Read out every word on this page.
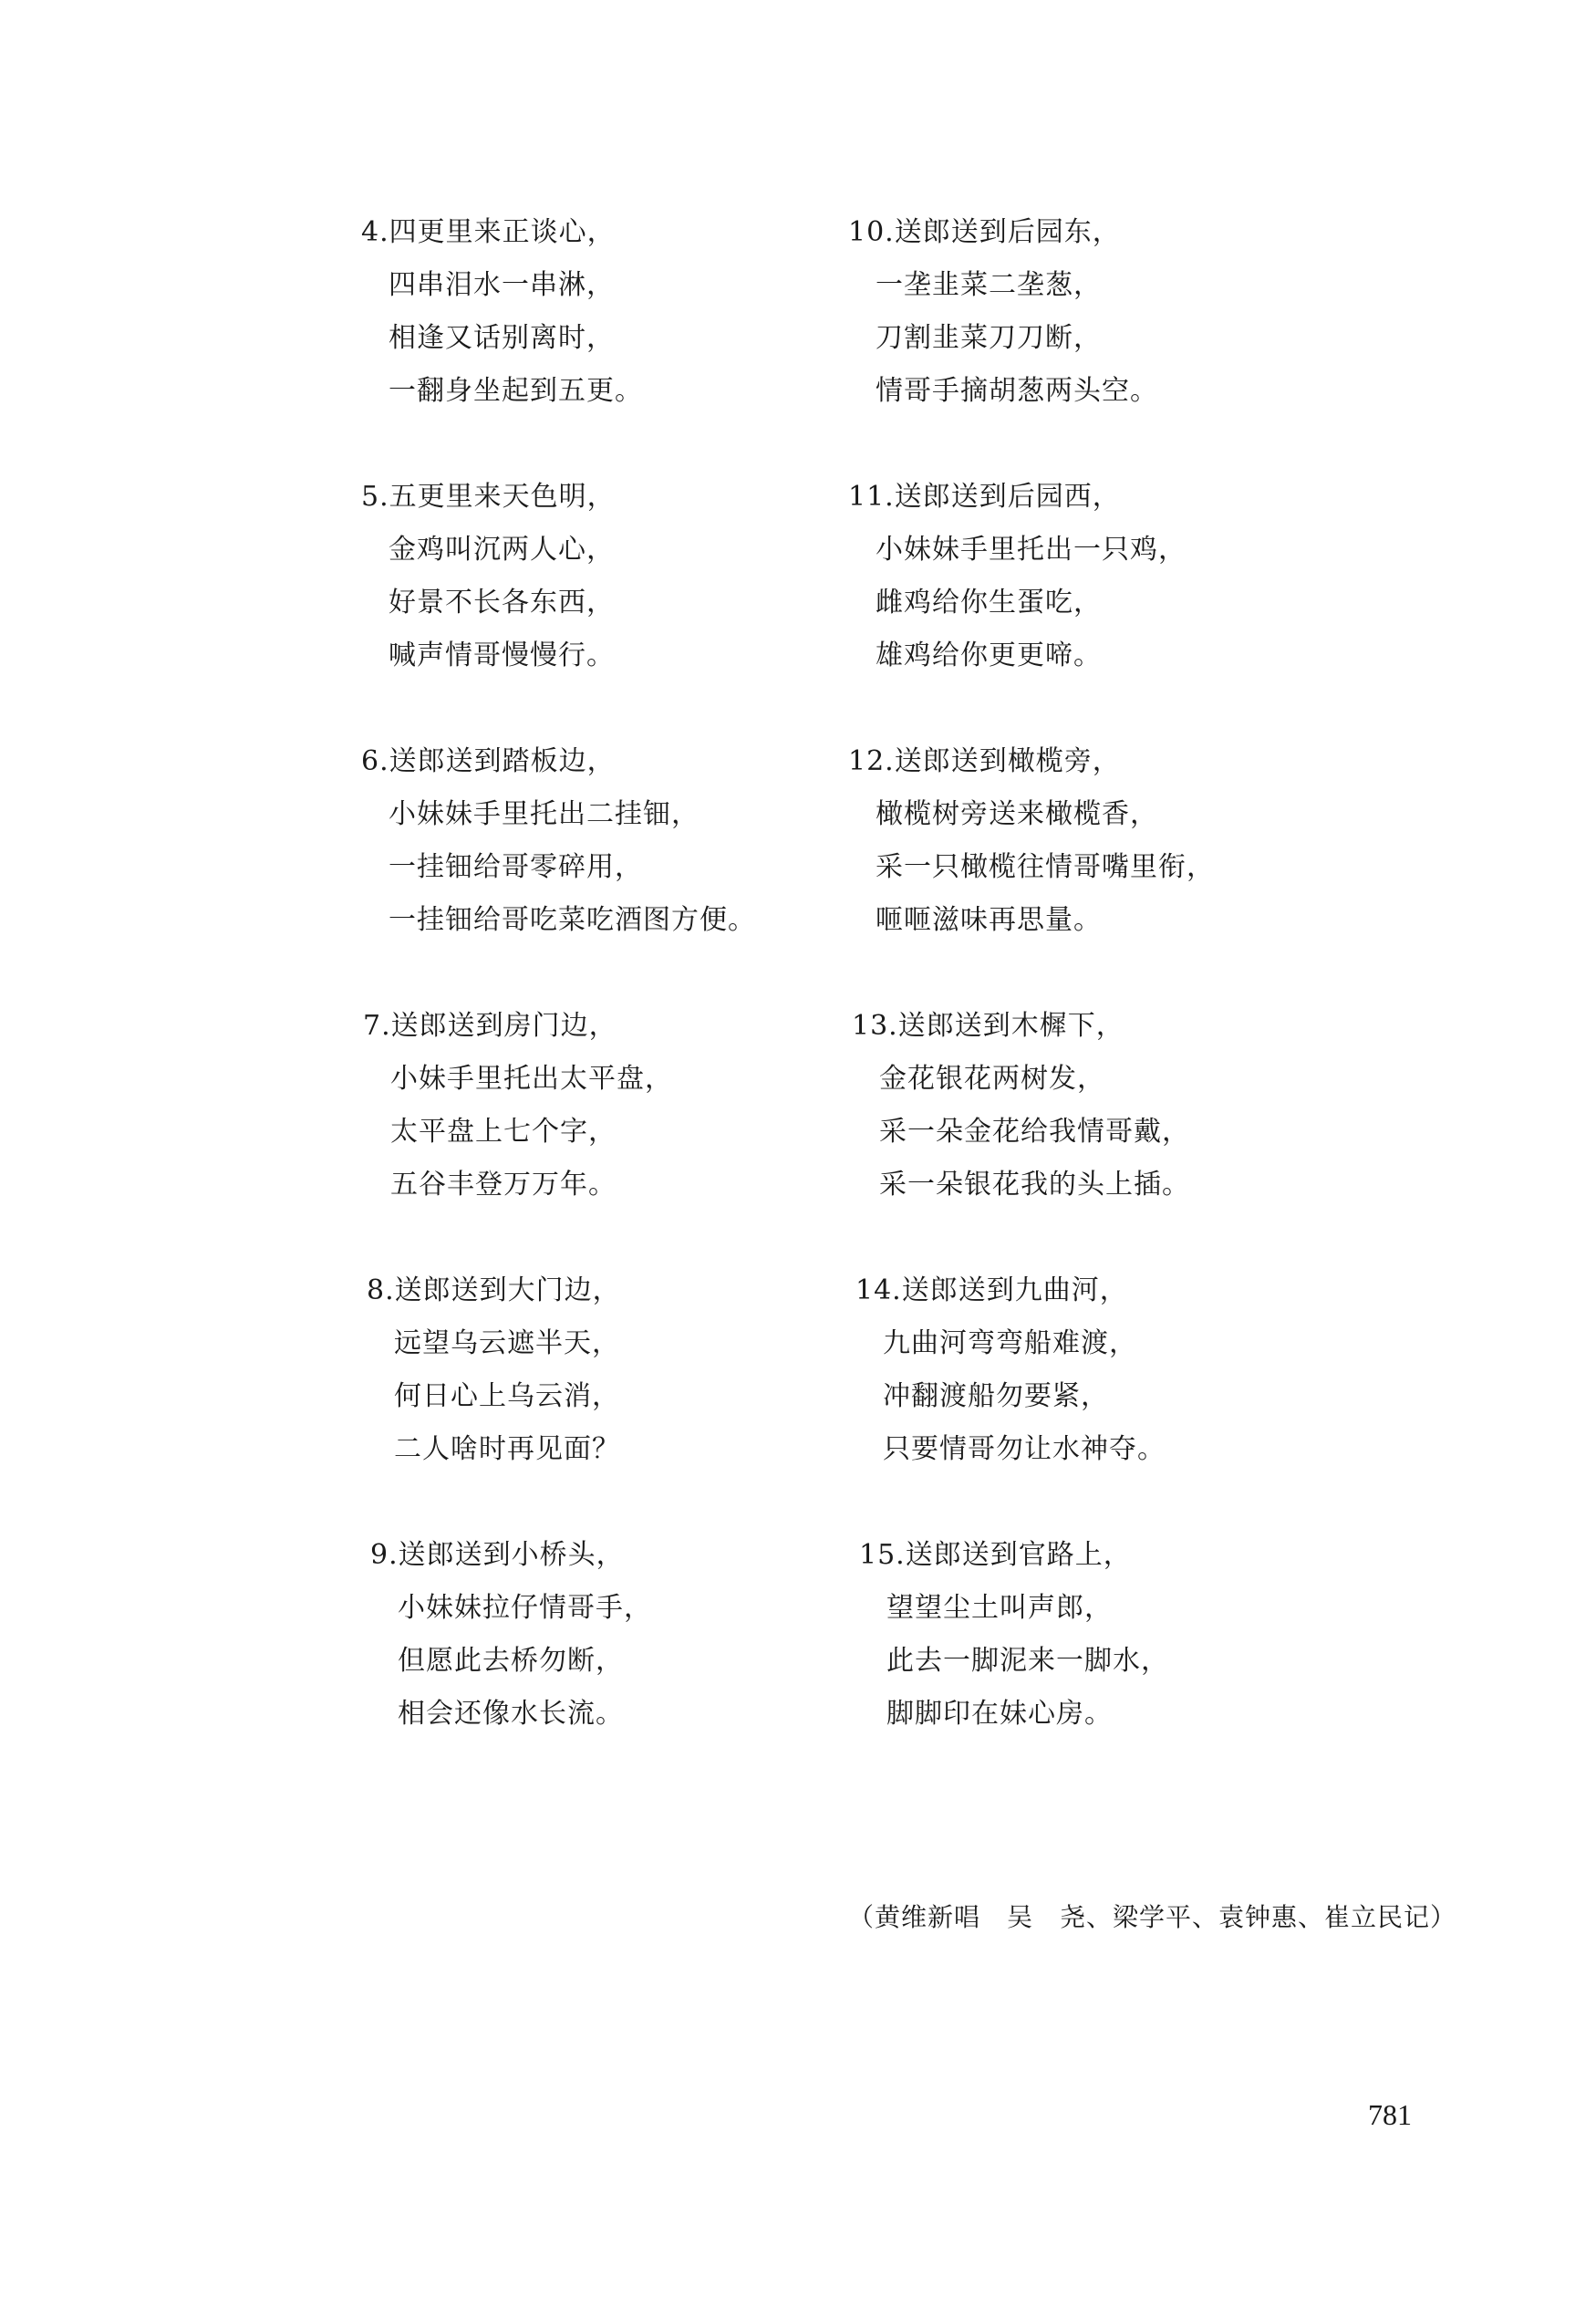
4.四更里来正谈心，
四串泪水一串淋，
相逢又话别离时，
一翻身坐起到五更。
5.五更里来天色明，
金鸡叫沉两人心，
好景不长各东西，
喊声情哥慢慢行。
6.送郎送到踏板边，
小妹妹手里托出二挂钿，
一挂钿给哥零碎用，
一挂钿给哥吃菜吃酒图方便。
7.送郎送到房门边，
小妹手里托出太平盘，
太平盘上七个字，
五谷丰登万万年。
8.送郎送到大门边，
远望乌云遮半天，
何日心上乌云消，
二人啥时再见面？
9.送郎送到小桥头，
小妹妹拉仔情哥手，
但愿此去桥勿断，
相会还像水长流。
10.送郎送到后园东，
一垄韭菜二垄葱，
刀割韭菜刀刀断，
情哥手摘胡葱两头空。
11.送郎送到后园西，
小妹妹手里托出一只鸡，
雌鸡给你生蛋吃，
雄鸡给你更更啼。
12.送郎送到橄榄旁，
橄榄树旁送来橄榄香，
采一只橄榄往情哥嘴里衔，
咂咂滋味再思量。
13.送郎送到木樨下，
金花银花两树发，
采一朵金花给我情哥戴，
采一朵银花我的头上插。
14.送郎送到九曲河，
九曲河弯弯船难渡，
冲翻渡船勿要紧，
只要情哥勿让水神夺。
15.送郎送到官路上，
望望尘土叫声郎，
此去一脚泥来一脚水，
脚脚印在妹心房。
（黄维新唱　吴　尧、梁学平、袁钟惠、崔立民记）
781
